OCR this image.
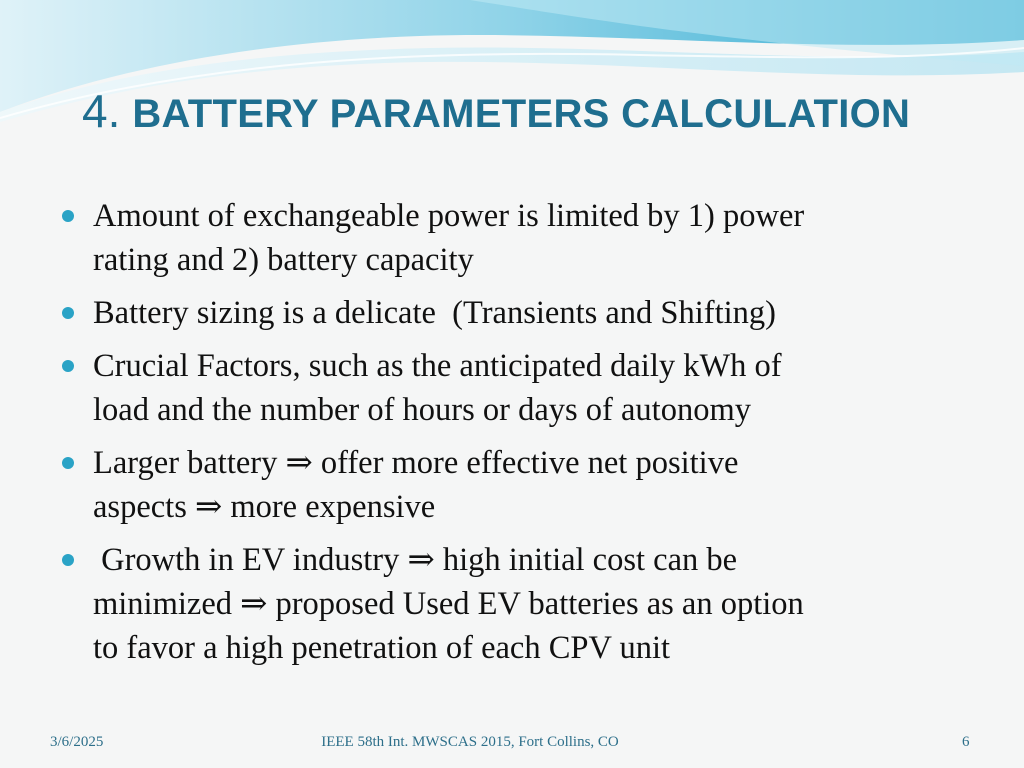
4. BATTERY PARAMETERS CALCULATION
Amount of exchangeable power is limited by 1) power
rating and 2) battery capacity
Battery sizing is a delicate  (Transients and Shifting)
Crucial Factors, such as the anticipated daily kWh of
load and the number of hours or days of autonomy
Larger battery ⇒ offer more effective net positive
aspects ⇒ more expensive
Growth in EV industry ⇒ high initial cost can be
minimized ⇒ proposed Used EV batteries as an option
to favor a high penetration of each CPV unit
3/6/2025	IEEE 58th Int. MWSCAS 2015, Fort Collins, CO	6
